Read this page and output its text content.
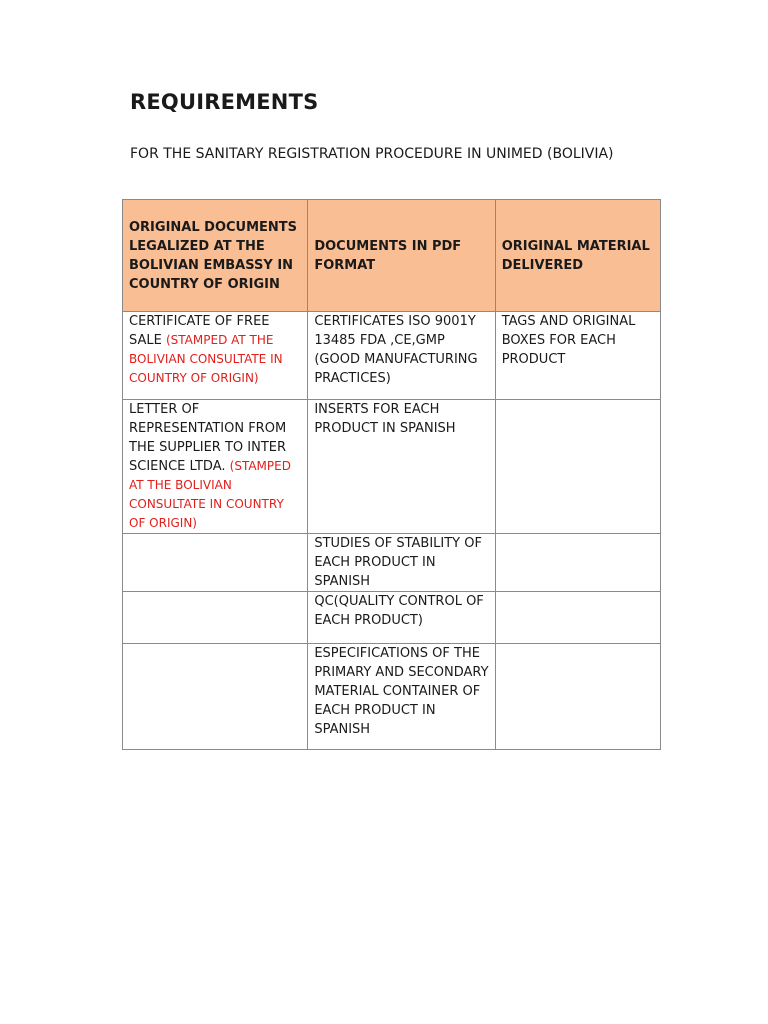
REQUIREMENTS
FOR THE SANITARY REGISTRATION PROCEDURE IN UNIMED (BOLIVIA)
ORIGINAL DOCUMENTS LEGALIZED AT THE BOLIVIAN EMBASSY IN COUNTRY OF ORIGIN	DOCUMENTS IN PDF FORMAT	ORIGINAL MATERIAL DELIVERED
CERTIFICATE OF FREE SALE (STAMPED AT THE BOLIVIAN CONSULTATE IN COUNTRY OF ORIGIN)	CERTIFICATES ISO 9001Y 13485 FDA ,CE,GMP (GOOD MANUFACTURING PRACTICES)	TAGS AND ORIGINAL BOXES FOR EACH PRODUCT
LETTER OF REPRESENTATION FROM THE SUPPLIER TO INTER SCIENCE LTDA. (STAMPED AT THE BOLIVIAN CONSULTATE IN COUNTRY OF ORIGIN)	INSERTS FOR EACH PRODUCT IN SPANISH	
	STUDIES OF STABILITY OF EACH PRODUCT IN SPANISH	
	QC(QUALITY CONTROL OF EACH PRODUCT)	
	ESPECIFICATIONS OF THE PRIMARY AND SECONDARY MATERIAL CONTAINER OF EACH PRODUCT IN SPANISH	
